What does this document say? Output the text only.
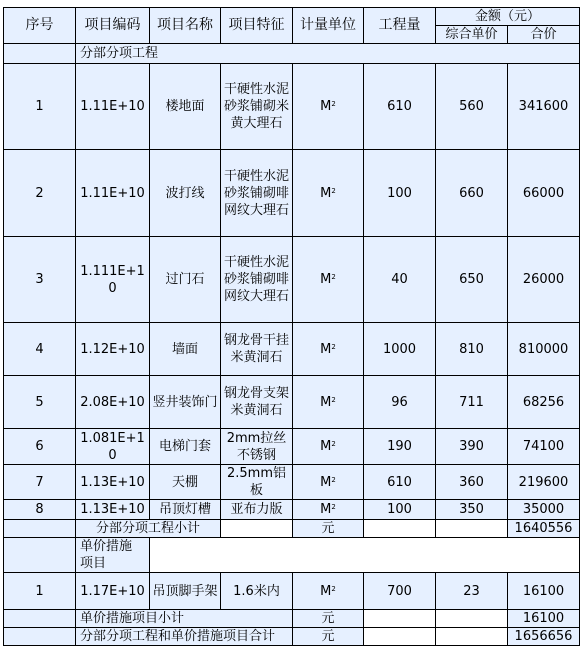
序号	项目编码	项目名称	项目特征	计量单位	工程量	金额（元）	
						综合单价	合价
	分部分项工程						
1	1.11E+10	楼地面	干硬性水泥砂浆铺砌米黄大理石	$M^2$	610	560	341600
2	1.11E+10	波打线	干硬性水泥砂浆铺砌啡网纹大理石	$M^2$	100	660	66000
3	1.111E+10	过门石	干硬性水泥砂浆铺砌啡网纹大理石	$M^2$	40	650	26000
4	1.12E+10	墙面	钢龙骨干挂米黄洞石	$M^2$	1000	810	810000
5	2.08E+10	竖井装饰门	钢龙骨支架米黄洞石	$M^2$	96	711	68256
6	1.081E+10	电梯门套	2mm拉丝不锈钢	$M^2$	190	390	74100
7	1.13E+10	天棚	2.5mm铝板	$M^2$	610	360	219600
8	1.13E+10	吊顶灯槽	亚布力版	$M^2$	100	350	35000
	分部分项工程小计			元			1640556
	单价措施项目						
1	1.17E+10	吊顶脚手架	1.6米内	$M^2$	700	23	16100
	单价措施项目小计			元			16100
	分部分项工程和单价措施项目合计			元			1656656
